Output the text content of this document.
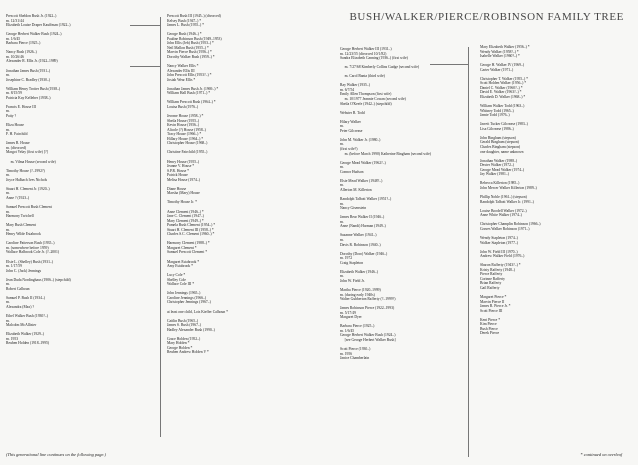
BUSH/WALKER/PIERCE/ROBINSON FAMILY TREE
Prescott Sheldon Bush Jr. (1922–)
m. 12/31/44
Elizabeth Louise Draper Kauffman (1922–)
George Herbert Walker Bush (1924–)
m. 1/6/45
Barbara Pierce (1925–)
Nancy Bush (1926–)
m. 10/26/46
Alexander R. Ellis Jr. (1922–1989)
Jonathan James Bush (1931–)
m.
Josephine C. Bradley (1930–)
William Henry Trotter Bush (1938–)
m. 8/15/59
Patricia Kay Kelleher (1938–)
Francis E. House III
m.
Patty ?
Eliza House
m.
F. H. Fairchild
James B. House
m. (divorced)
Margot Velay (first wife) [?]
m. Vilma House (second wife)
Timothy House (?–1992?)
m.
Joyce Halbach Ives Nichols
Stuart H. Clement Jr. (1920–)
m.
Anne ? (1923–)
Samuel Prescott Bush Clement
m.
Harmony Twichell
Mary Bush Clement
m.
Henry Wilde Estabrook
Caroline Patterson Bush (1935–)
m. (somewhere before 1959)
Wallace Halbrook Cole Jr. (?–2001)
Elsie L. (Shelley) Bush (1931–)
m. 1/17/59
John C. (Jack) Jennings
Jean Duda Nordinghaus (1906–) (stepchild)
m.
Robert Calhoun
Samuel P. Bush II (1934–)
m.
Alexandra (Max) ?
Ethel Walker Bush (1930?–)
m.
Malcolm McAllister
Elizabeth Walker (1929–)
m. 1953
Reuben Holden (1918–1995)
Prescott Bush III (1945–) (divorced)
Kelsey Bush (1947–) *
James L. Bush (1955–) *
George Bush (1946–) *
Pauline Robinson Bush (1949–1953)
John Ellis (Jeb) Bush (1953–) *
Neil Mallon Bush (1955–) *
Marvin Pierce Bush (1956–) *
Dorothy Walker Bush (1959–) *
Nancy Walker Ellis *
Alexander Ellis III
John Prescott Ellis (1953?–) *
Josiah Wear Ellis *
Jonathan James Bush Jr. (1969–) *
William Hall Bush (1971–) *
William Prescott Bush (1964–) *
Louisa Bush (1976–)
Jerome House (1958–) *
Sheila House (1955–)
Kevin House (1956–)
Alicole (?) House (1958–)
Tracy House (1966–) *
Hillary House (1964–) *
Christopher House (1968–)
Christine Fairchild (1955–)
Henry House (1955–)
Jeanne V. House *
S.P.R. House *
Patrick House
Melisa House (1974–)
Diane House
Marsha (Mary) House
Timothy House Jr. *
Anne Clement (1946–) *
Jane C. Clement (1947–)
Mary Clement (1949–) *
Pamela Bush Clement (1954–) *
Stuart H. Clement III (1958–) *
Charles S.C. Clement (1960–) *
Harmony Clement (1988–) *
Margaret Clement *
Samuel Prescott Clement *
Margaret Estabrook *
Amy Estabrook *
Lucy Cole *
Shelley Cole
Wallace Cole III *
John Jennings (1965–)
Caroline Jennings (1966–)
Christopher Jennings (1967–)
at least one child, Lois Kieffer Calhoun *
Caitlin Bush (1965–)
James S. Bush (1967–)
Hadley Alexander Bush (1990–)
Grace Holden (1952–)
Mary Holden *
George Holden *
Reuben Andrew Holden V *
George Herbert Walker III (1931–)
m. 12/23/55 (divorced 10/1/82)
Sandra Elizabeth Canning (1936–) (first wife)
m. 7/27/68 Kimberly Collins Gudge (second wife)
m. Carol Banta (third wife)
Ray Walker (1935–)
m. 6/7/54
Emily Allen Thompson (first wife)
m. 10/1977 Jeannie Cowan (second wife)
Sheila O'Keefe (1942–) (stepchild)
Webster B. Todd
Hilary Walker
m.
Peter Gilcrease
John M. Walker Jr. (1980–)
m.
(first wife?)
m. (before March 1990) Katherine Bingham (second wife)
George Mead Walker (1962?–)
m.
Connor Hudson
Elsie Mead Walker (1948?–)
m.
Allerton M. Killerton
Randolph Talbott Walker (1951?–)
m.
Nancy Gisenstein
James Bear Walker II (1946–)
m.
Anne (Nandi) Harman (1949–)
Suzanne Walker (1941–)
m.
Davis R. Robinson (1940–)
Dorothy (Doro) Walker (1946–)
m. 1972
Craig Stapleton
Elizabeth Walker (1946–)
m.
John W. Field Jr.
Martha Pierce (1920–1999)
m. (during early 1940s)
Walter Gubberton Rafferty (?–1999?)
James Robinson Pierce (1922–1993)
m. 5/17/49
Margaret Dyer
Barbara Pierce (1925–)
m. 1/6/45
George Herbert Walker Bush (1924–)
[see George Herbert Walker Bush]
Scott Pierce (1930–)
m. 1956
Janice Chamberlain
Mary Elizabeth Walker (1956–) *
Wendy Walker (1958?–) *
Isabelle Walker (1960?–) *
George H. Walker IV (1969–)
Carter Walker (1971–)
Christopher T. Walker (1955–) *
Scott Holden Walker (1956–) *
Daniel C. Walker (1960?–) *
David E. Walker (1963?–) *
Elizabeth D. Walker (1968–) *
William Walker Todd (1963–)
Whitney Todd (1965–)
Jamie Todd (1976–)
Jarrett Tucker Gilcrease (1983–)
Lisa Gilcrease (1986–)
John Bingham (stepson)
Gerald Bingham (stepson)
Charles Bingham (stepson)
one daughter, name unknown
Jonathan Walker (1988–)
Dexter Walker (1972–)
George Mead Walker (1974–)
Jay Walker (1981–)
Rebecca Killerton (1985–)
John Mercer Walker Killerton (1989–)
Phillip Noble (1961–) (stepson)
Randolph Talbott Walker Jr. (1991–)
Louise Boodell Walker (1972–)
Anne White Walker (1974–)
Christopher Champlin Robinson (1966–)
Graves Walker Robinson (1971–)
Wendy Stapleton (1974–)
Walker Stapleton (1977–)
John W. Field III (1970–)
Andrew Walker Field (1976–)
Sharon Rafferty (1943?–) *
Kristy Rafferty (1948–)
Pierce Rafferty
Corinne Rafferty
Brian Rafferty
Gail Rafferty
Margaret Pierce *
Marvin Pierce II
James R. Pierce Jr. *
Scott Pierce III
Kent Pierce *
Kim Pierce
Bush Pierce
Derek Pierce
(This generational line continues on the following page.)	* continued on overleaf
